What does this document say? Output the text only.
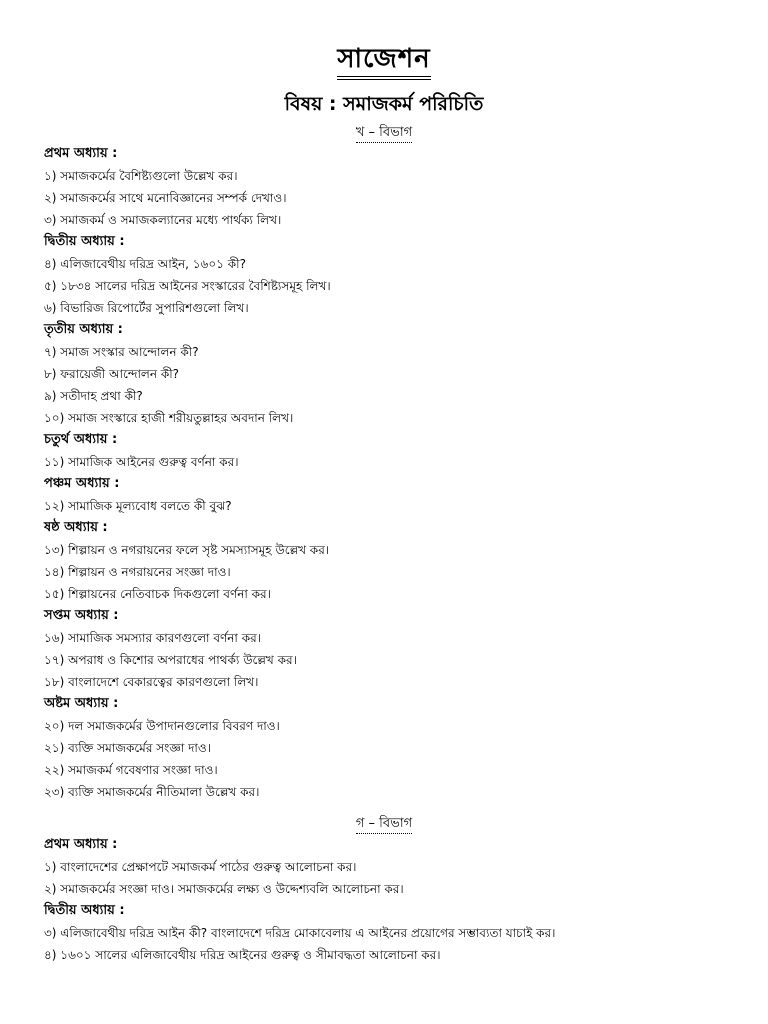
সাজেশন
বিষয় : সমাজকর্ম পরিচিতি
খ – বিভাগ
প্রথম অধ্যায় :
১) সমাজকর্মের বৈশিষ্ট্যগুলো উল্লেখ কর।
২) সমাজকর্মের সাথে মনোবিজ্ঞানের সম্পর্ক দেখাও।
৩) সমাজকর্ম ও সমাজকল্যানের মধ্যে পার্থক্য লিখ।
দ্বিতীয় অধ্যায় :
৪) এলিজাবেথীয় দরিদ্র আইন, ১৬০১ কী?
৫) ১৮৩৪ সালের দরিদ্র আইনের সংস্কারের বৈশিষ্ট্যসমূহ লিখ।
৬) বিভারিজ রিপোর্টের সুপারিশগুলো লিখ।
তৃতীয় অধ্যায় :
৭) সমাজ সংস্কার আন্দোলন কী?
৮) ফরায়েজী আন্দোলন কী?
৯) সতীদাহ প্রথা কী?
১০) সমাজ সংস্কারে হাজী শরীয়তুল্লাহর অবদান লিখ।
চতুর্থ অধ্যায় :
১১) সামাজিক আইনের গুরুত্ব বর্ণনা কর।
পঞ্চম অধ্যায় :
১২) সামাজিক মূল্যবোধ বলতে কী বুঝ?
ষষ্ঠ অধ্যায় :
১৩) শিল্পায়ন ও নগরায়নের ফলে সৃষ্ট সমস্যাসমূহ উল্লেখ কর।
১৪) শিল্পায়ন ও নগরায়নের সংজ্ঞা দাও।
১৫) শিল্পায়নের নেতিবাচক দিকগুলো বর্ণনা কর।
সপ্তম অধ্যায় :
১৬) সামাজিক সমস্যার কারণগুলো বর্ণনা কর।
১৭) অপরাধ ও কিশোর অপরাধের পাথর্ক্য উল্লেখ কর।
১৮) বাংলাদেশে বেকারত্বের কারণগুলো লিখ।
অষ্টম অধ্যায় :
২০) দল সমাজকর্মের উপাদানগুলোর বিবরণ দাও।
২১) ব্যক্তি সমাজকর্মের সংজ্ঞা দাও।
২২) সমাজকর্ম গবেষণার সংজ্ঞা দাও।
২৩) ব্যক্তি সমাজকর্মের নীতিমালা উল্লেখ কর।
গ – বিভাগ
প্রথম অধ্যায় :
১) বাংলাদেশের প্রেক্ষাপটে সমাজকর্ম পাঠের গুরুত্ব আলোচনা কর।
২) সমাজকর্মের সংজ্ঞা দাও। সমাজকর্মের লক্ষ্য ও উদ্দেশ্যবলি আলোচনা কর।
দ্বিতীয় অধ্যায় :
৩) এলিজাবেথীয় দরিদ্র আইন কী? বাংলাদেশে দরিদ্র মোকাবেলায় এ আইনের প্রয়োগের সম্ভাব্যতা যাচাই কর।
৪) ১৬০১ সালের এলিজাবেথীয় দরিদ্র আইনের গুরুত্ব ও সীমাবদ্ধতা আলোচনা কর।
